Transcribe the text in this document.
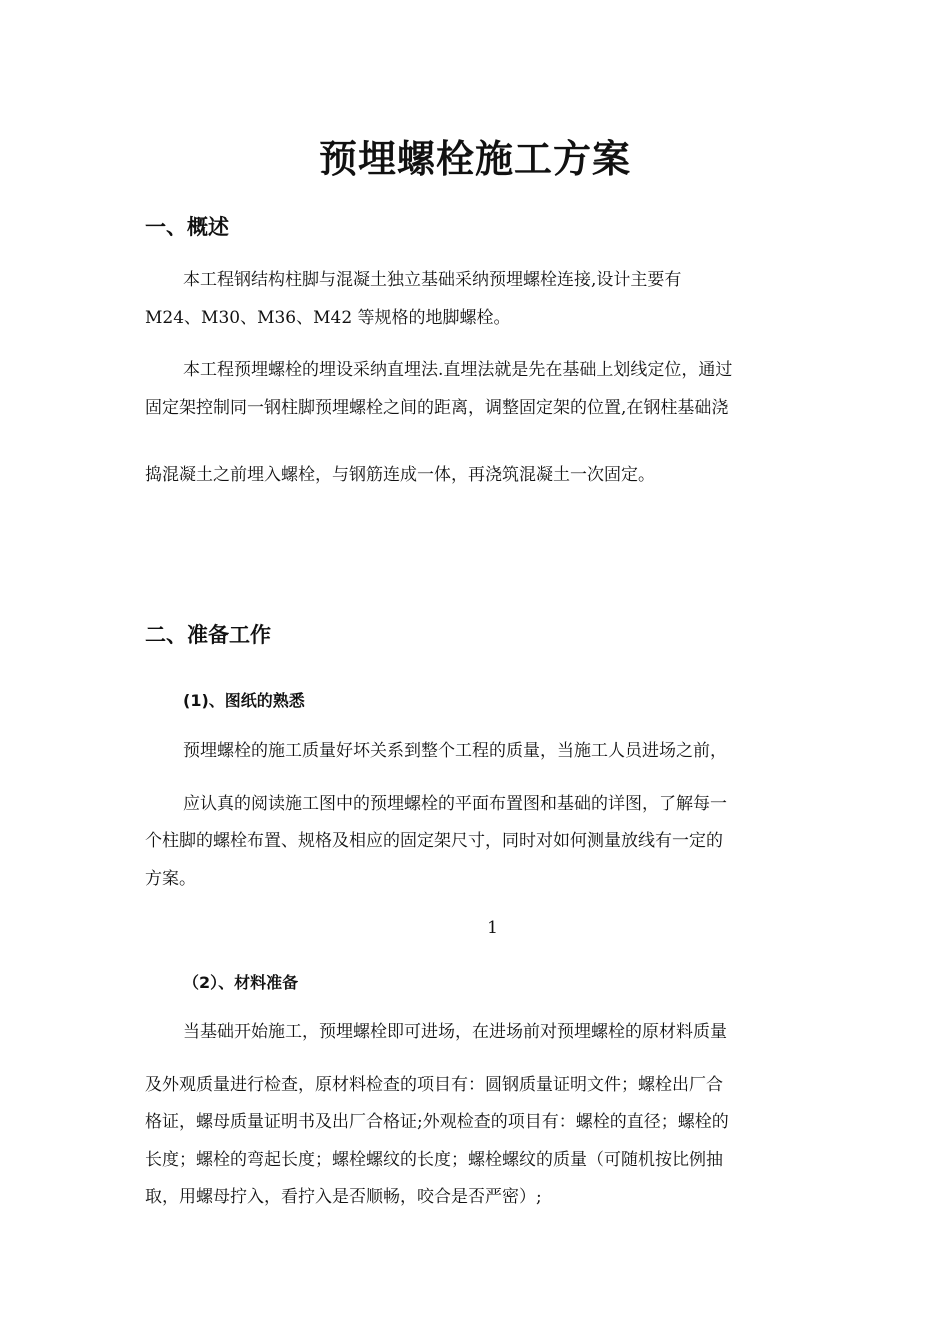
预埋螺栓施工方案
一、概述
本工程钢结构柱脚与混凝土独立基础采纳预埋螺栓连接,设计主要有
M24、M30、M36、M42 等规格的地脚螺栓。
本工程预埋螺栓的埋设采纳直埋法.直埋法就是先在基础上划线定位，通过
固定架控制同一钢柱脚预埋螺栓之间的距离，调整固定架的位置,在钢柱基础浇
捣混凝土之前埋入螺栓，与钢筋连成一体，再浇筑混凝土一次固定。
二、准备工作
(1)、图纸的熟悉
预埋螺栓的施工质量好坏关系到整个工程的质量，当施工人员进场之前，
应认真的阅读施工图中的预埋螺栓的平面布置图和基础的详图，了解每一
个柱脚的螺栓布置、规格及相应的固定架尺寸，同时对如何测量放线有一定的
方案。
1
（2）、材料准备
当基础开始施工，预埋螺栓即可进场，在进场前对预埋螺栓的原材料质量
及外观质量进行检查，原材料检查的项目有：圆钢质量证明文件；螺栓出厂合
格证，螺母质量证明书及出厂合格证;外观检查的项目有：螺栓的直径；螺栓的
长度；螺栓的弯起长度；螺栓螺纹的长度；螺栓螺纹的质量（可随机按比例抽
取，用螺母拧入，看拧入是否顺畅，咬合是否严密）;
